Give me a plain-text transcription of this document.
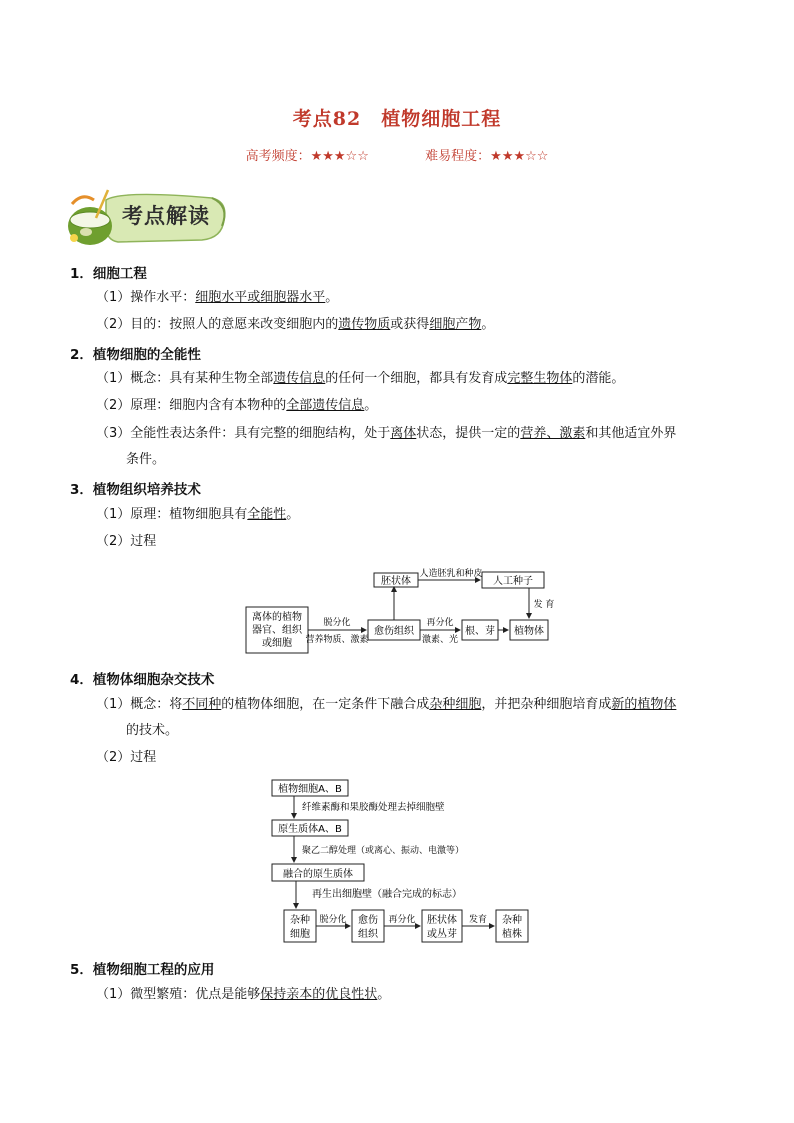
考点82　植物细胞工程
高考频度：★★★☆☆	难易程度：★★★☆☆
考点解读
1．细胞工程
（1）操作水平：细胞水平或细胞器水平。
（2）目的：按照人的意愿来改变细胞内的遗传物质或获得细胞产物。
2．植物细胞的全能性
（1）概念：具有某种生物全部遗传信息的任何一个细胞，都具有发育成完整生物体的潜能。
（2）原理：细胞内含有本物种的全部遗传信息。
（3）全能性表达条件：具有完整的细胞结构，处于离体状态，提供一定的营养、激素和其他适宜外界
条件。
3．植物组织培养技术
（1）原理：植物细胞具有全能性。
（2）过程
离体的植物
器官、组织
或细胞
脱分化
营养物质、激素
愈伤组织
再分化
激素、光
根、芽 植物体
胚状体
人造胚乳和种皮
人工种子
发 育
4．植物体细胞杂交技术
（1）概念：将不同种的植物体细胞，在一定条件下融合成杂种细胞，并把杂种细胞培育成新的植物体
的技术。
（2）过程
植物细胞A、B
纤维素酶和果胶酶处理去掉细胞壁
原生质体A、B
聚乙二醇处理（或离心、振动、电激等）
融合的原生质体
再生出细胞壁（融合完成的标志）
杂种
细胞
脱分化 愈伤
组织
再分化 胚状体
或丛芽
发育 杂种
植株
5．植物细胞工程的应用
（1）微型繁殖：优点是能够保持亲本的优良性状。
